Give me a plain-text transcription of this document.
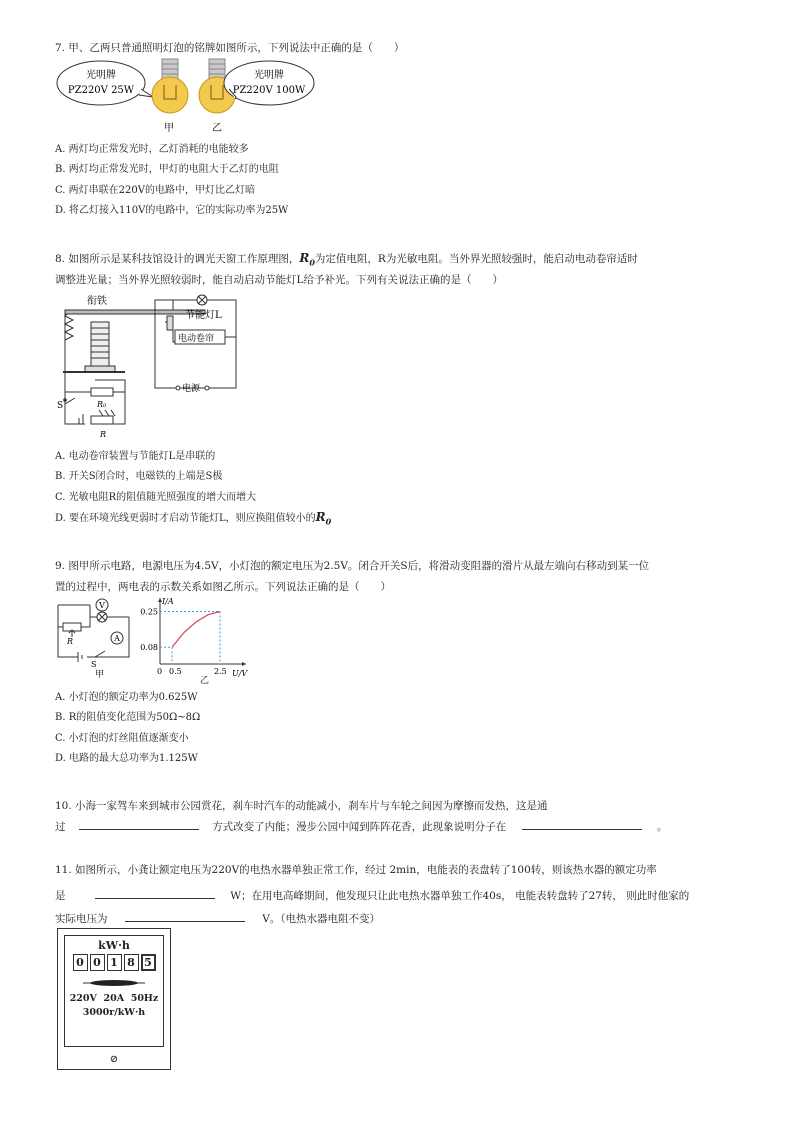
7. 甲、乙两只普通照明灯泡的铭牌如图所示，下列说法中正确的是（　　）
光明牌
PZ220V 25W
甲	乙
光明牌
PZ220V 100W
A. 两灯均正常发光时，乙灯消耗的电能较多
B. 两灯均正常发光时，甲灯的电阻大于乙灯的电阻
C. 两灯串联在220V的电路中，甲灯比乙灯暗
D. 将乙灯接入110V的电路中，它的实际功率为25W
8. 如图所示是某科技馆设计的调光天窗工作原理图，$R_0$为定值电阻，R为光敏电阻。当外界光照较强时，能启动电动卷帘适时
调整进光量；当外界光照较弱时，能自动启动节能灯L给予补光。下列有关说法正确的是（　　）
衔铁
节能灯L
电动卷帘
电源
S	R₀
R
A. 电动卷帘装置与节能灯L是串联的
B. 开关S闭合时，电磁铁的上端是S极
C. 光敏电阻R的阻值随光照强度的增大而增大
D. 要在环境光线更弱时才启动节能灯L，则应换阻值较小的$R_0$
9. 图甲所示电路，电源电压为4.5V，小灯泡的额定电压为2.5V。闭合开关S后，将滑动变阻器的滑片从最左端向右移动到某一位
置的过程中，两电表的示数关系如图乙所示。下列说法正确的是（　　）
V
A
R
S
甲
I/A
U/V
0 0.5	2.5
0.08
0.25
乙
A. 小灯泡的额定功率为0.625W
B. R的阻值变化范围为50Ω~8Ω
C. 小灯泡的灯丝阻值逐渐变小
D. 电路的最大总功率为1.125W
10. 小海一家驾车来到城市公园赏花，刹车时汽车的动能减小，刹车片与车轮之间因为摩擦而发热，这是通
过	方式改变了内能；漫步公园中闻到阵阵花香，此现象说明分子在	。
11. 如图所示，小龚让额定电压为220V的电热水器单独正常工作，经过 2min，电能表的表盘转了100转，则该热水器的额定功率
是	W；在用电高峰期间，他发现只让此电热水器单独工作40s， 电能表转盘转了27转， 则此时他家的
实际电压为	V。（电热水器电阻不变）
kW·h
0 0 1 8 5
220V  20A  50Hz
3000r/kW·h
⊘
